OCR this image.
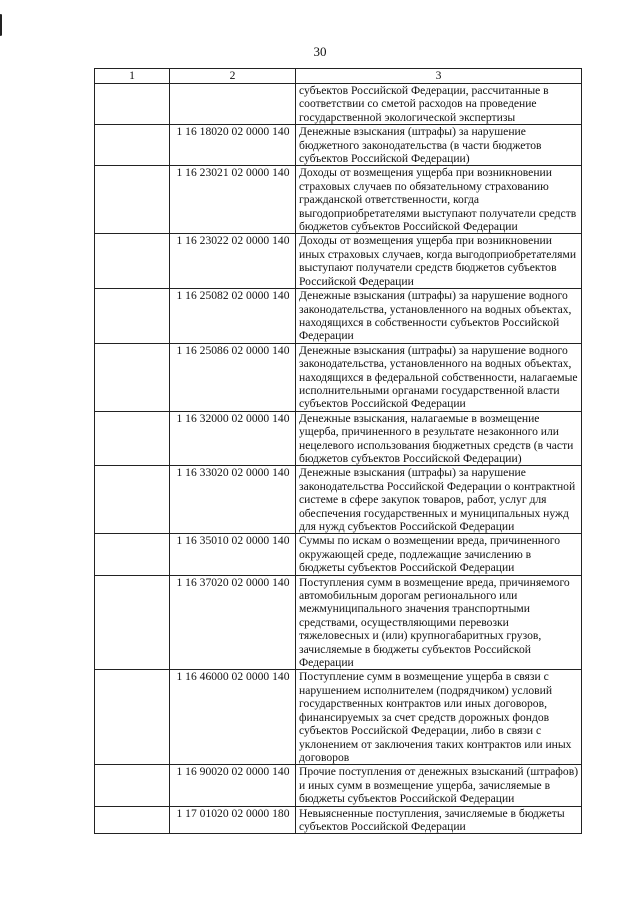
30
1	2	3
		субъектов Российской Федерации, рассчитанные в соответствии со сметой расходов на проведение государственной экологической экспертизы
	1 16 18020 02 0000 140	Денежные взыскания (штрафы) за нарушение бюджетного законодательства (в части бюджетов субъектов Российской Федерации)
	1 16 23021 02 0000 140	Доходы от возмещения ущерба при возникновении страховых случаев по обязательному страхованию гражданской ответственности, когда выгодоприобретателями выступают получатели средств бюджетов субъектов Российской Федерации
	1 16 23022 02 0000 140	Доходы от возмещения ущерба при возникновении иных страховых случаев, когда выгодоприобретателями выступают получатели средств бюджетов субъектов Российской Федерации
	1 16 25082 02 0000 140	Денежные взыскания (штрафы) за нарушение водного законодательства, установленного на водных объектах, находящихся в собственности субъектов Российской Федерации
	1 16 25086 02 0000 140	Денежные взыскания (штрафы) за нарушение водного законодательства, установленного на водных объектах, находящихся в федеральной собственности, налагаемые исполнительными органами государственной власти субъектов Российской Федерации
	1 16 32000 02 0000 140	Денежные взыскания, налагаемые в возмещение ущерба, причиненного в результате незаконного или нецелевого использования бюджетных средств (в части бюджетов субъектов Российской Федерации)
	1 16 33020 02 0000 140	Денежные взыскания (штрафы) за нарушение законодательства Российской Федерации о контрактной системе в сфере закупок товаров, работ, услуг для обеспечения государственных и муниципальных нужд для нужд субъектов Российской Федерации
	1 16 35010 02 0000 140	Суммы по искам о возмещении вреда, причиненного окружающей среде, подлежащие зачислению в бюджеты субъектов Российской Федерации
	1 16 37020 02 0000 140	Поступления сумм в возмещение вреда, причиняемого автомобильным дорогам регионального или межмуниципального значения транспортными средствами, осуществляющими перевозки тяжеловесных и (или) крупногабаритных грузов, зачисляемые в бюджеты субъектов Российской Федерации
	1 16 46000 02 0000 140	Поступление сумм в возмещение ущерба в связи с нарушением исполнителем (подрядчиком) условий государственных контрактов или иных договоров, финансируемых за счет средств дорожных фондов субъектов Российской Федерации, либо в связи с уклонением от заключения таких контрактов или иных договоров
	1 16 90020 02 0000 140	Прочие поступления от денежных взысканий (штрафов) и иных сумм в возмещение ущерба, зачисляемые в бюджеты субъектов Российской Федерации
	1 17 01020 02 0000 180	Невыясненные поступления, зачисляемые в бюджеты субъектов Российской Федерации
